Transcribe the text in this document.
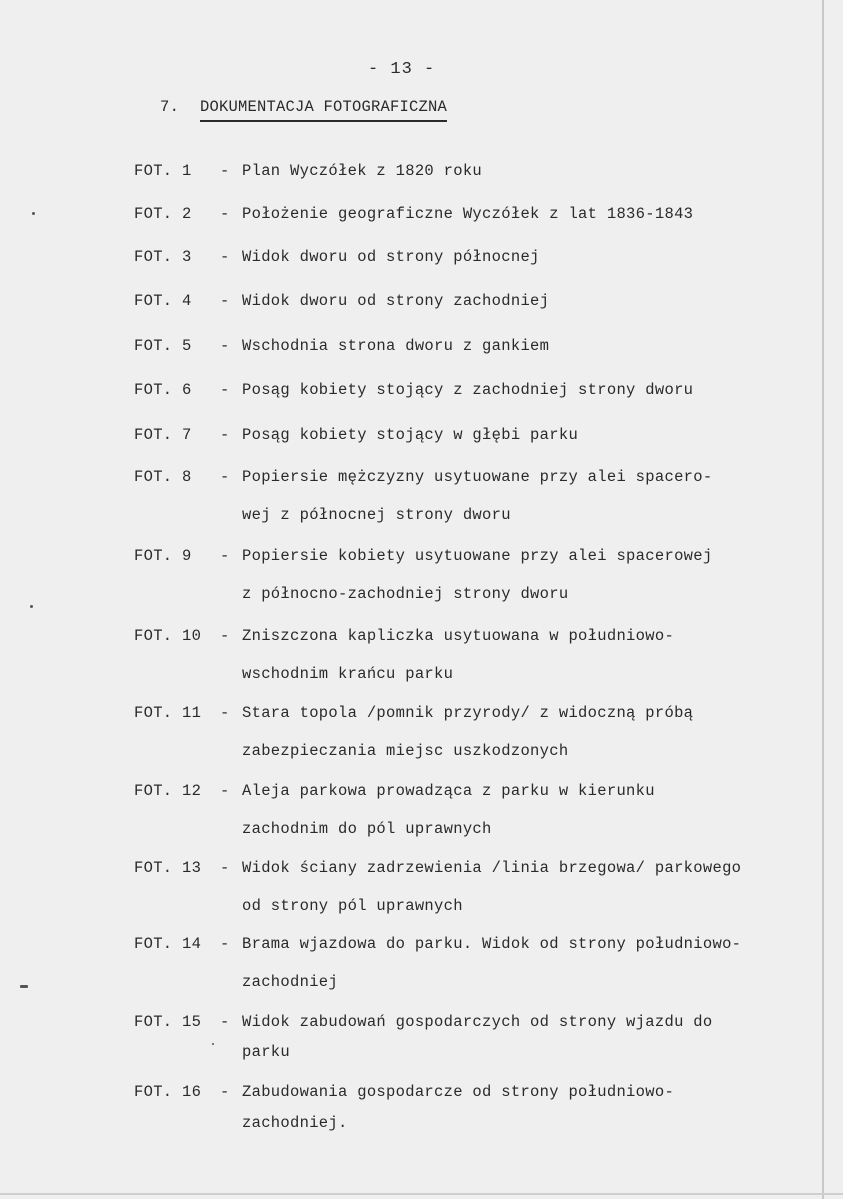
- 13 -
7. DOKUMENTACJA FOTOGRAFICZNA
FOT. 1 - Plan Wyczółek z 1820 roku
FOT. 2 - Położenie geograficzne Wyczółek z lat 1836-1843
FOT. 3 - Widok dworu od strony północnej
FOT. 4 - Widok dworu od strony zachodniej
FOT. 5 - Wschodnia strona dworu z gankiem
FOT. 6 - Posąg kobiety stojący z zachodniej strony dworu
FOT. 7 - Posąg kobiety stojący w głębi parku
FOT. 8 - Popiersie mężczyzny usytuowane przy alei spacero-
wej z północnej strony dworu
FOT. 9 - Popiersie kobiety usytuowane przy alei spacerowej
z północno-zachodniej strony dworu
FOT. 10 - Zniszczona kapliczka usytuowana w południowo-
wschodnim krańcu parku
FOT. 11 - Stara topola /pomnik przyrody/ z widoczną próbą
zabezpieczania miejsc uszkodzonych
FOT. 12 - Aleja parkowa prowadząca z parku w kierunku
zachodnim do pól uprawnych
FOT. 13 - Widok ściany zadrzewienia /linia brzegowa/ parkowego
od strony pól uprawnych
FOT. 14 - Brama wjazdowa do parku. Widok od strony południowo-
zachodniej
FOT. 15 - Widok zabudowań gospodarczych od strony wjazdu do
parku
FOT. 16 - Zabudowania gospodarcze od strony południowo-
zachodniej.
